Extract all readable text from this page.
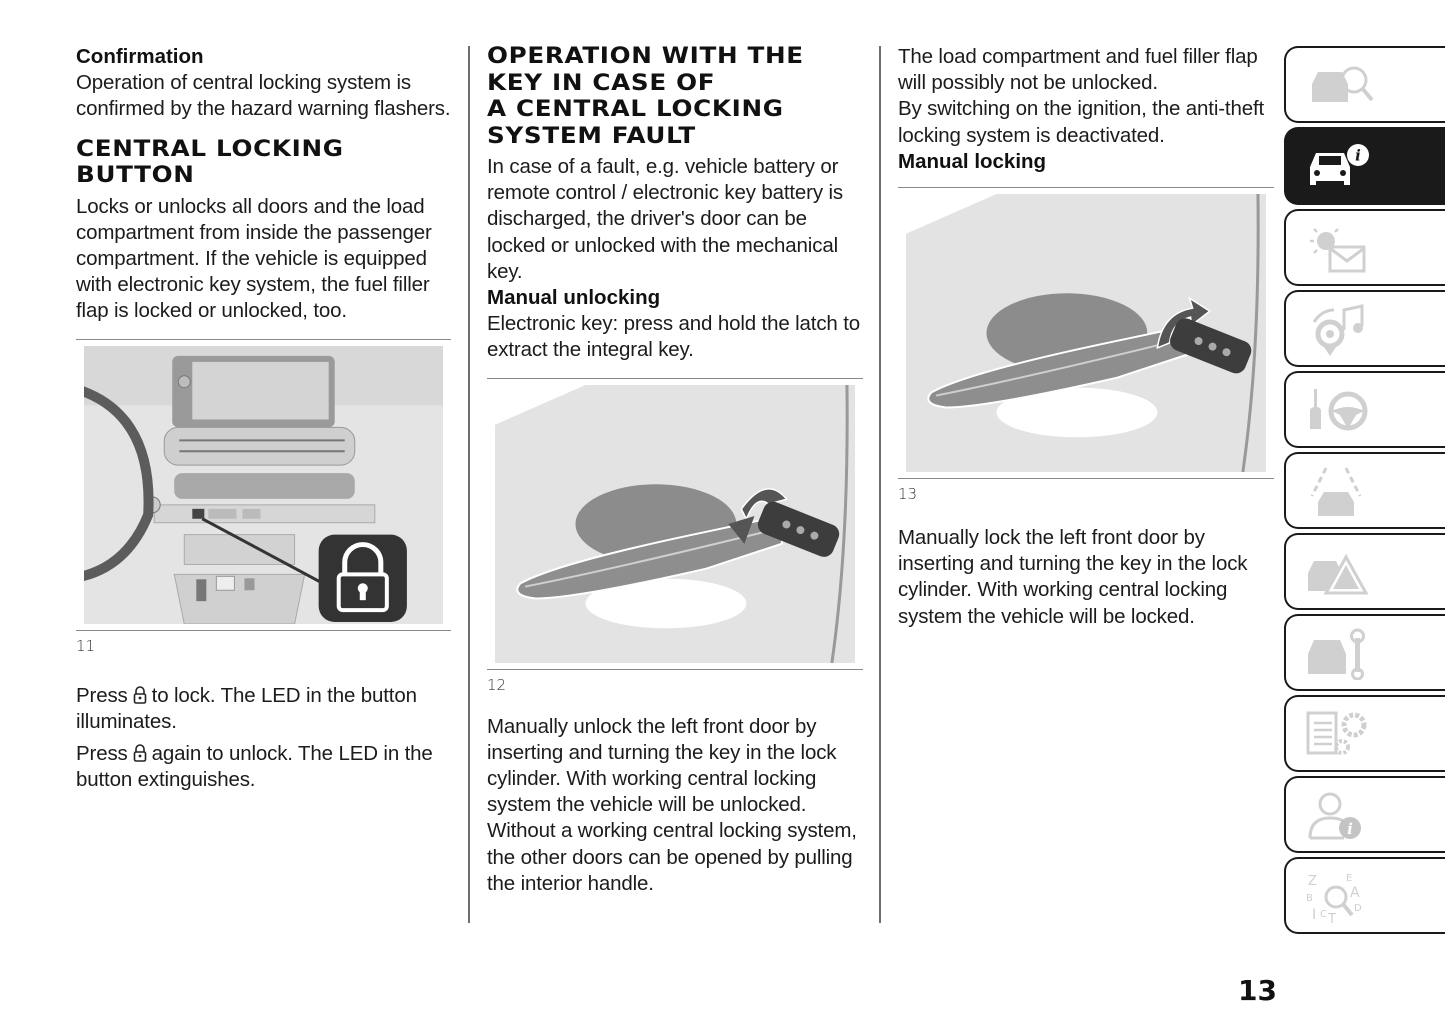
Confirmation
Operation of central locking system is confirmed by the hazard warning flashers.
CENTRAL LOCKING
BUTTON
Locks or unlocks all doors and the load compartment from inside the passenger compartment. If the vehicle is equipped with electronic key system, the fuel filler flap is locked or unlocked, too.
11
Press to lock. The LED in the button illuminates.
Press again to unlock. The LED in the button extinguishes.
OPERATION WITH THE
KEY IN CASE OF
A CENTRAL LOCKING
SYSTEM FAULT
In case of a fault, e.g. vehicle battery or remote control / electronic key battery is discharged, the driver's door can be locked or unlocked with the mechanical key.
Manual unlocking
Electronic key: press and hold the latch to extract the integral key.
12
Manually unlock the left front door by inserting and turning the key in the lock cylinder. With working central locking system the vehicle will be unlocked. Without a working central locking system, the other doors can be opened by pulling the interior handle.
The load compartment and fuel filler flap will possibly not be unlocked.
By switching on the ignition, the anti-theft locking system is deactivated.
Manual locking
13
Manually lock the left front door by inserting and turning the key in the lock cylinder. With working central locking system the vehicle will be locked.
i
i
Z	E
A
B
D
I C T
13
